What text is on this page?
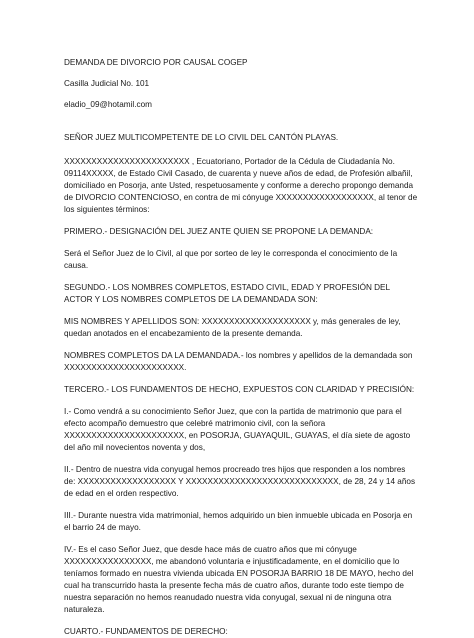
DEMANDA DE DIVORCIO POR CAUSAL COGEP

Casilla Judicial No. 101

eladio_09@hotamil.com

SEÑOR JUEZ MULTICOMPETENTE DE LO CIVIL DEL CANTÓN PLAYAS.

XXXXXXXXXXXXXXXXXXXXXXX , Ecuatoriano, Portador de la Cédula de Ciudadanía No. 09114XXXXX, de Estado Civil Casado, de cuarenta y nueve años de edad, de Profesión albañil, domiciliado en Posorja, ante Usted, respetuosamente y conforme a derecho propongo demanda de DIVORCIO CONTENCIOSO, en contra de mi cónyuge XXXXXXXXXXXXXXXXXX, al tenor de los siguientes términos:

PRIMERO.- DESIGNACIÓN DEL JUEZ ANTE QUIEN SE PROPONE LA DEMANDA:

Será el Señor Juez de lo Civil, al que por sorteo de ley le corresponda el conocimiento de la causa.

SEGUNDO.- LOS NOMBRES COMPLETOS, ESTADO CIVIL, EDAD Y PROFESIÓN DEL ACTOR Y LOS NOMBRES COMPLETOS DE LA DEMANDADA SON:

MIS NOMBRES Y APELLIDOS SON: XXXXXXXXXXXXXXXXXXXX y, más generales de ley, quedan anotados en el encabezamiento de la presente demanda.

NOMBRES COMPLETOS DA LA DEMANDADA.- los nombres y apellidos de la demandada son XXXXXXXXXXXXXXXXXXXXXX.

TERCERO.- LOS FUNDAMENTOS DE HECHO, EXPUESTOS CON CLARIDAD Y PRECISIÓN:

I.- Como vendrá a su conocimiento Señor Juez, que con la partida de matrimonio que para el efecto acompaño demuestro que celebré matrimonio civil, con la señora XXXXXXXXXXXXXXXXXXXXXX, en POSORJA, GUAYAQUIL, GUAYAS, el día siete de agosto del año mil novecientos noventa y dos,

II.- Dentro de nuestra vida conyugal hemos procreado tres hijos que responden a los nombres de: XXXXXXXXXXXXXXXXXX Y XXXXXXXXXXXXXXXXXXXXXXXXXXXX, de 28, 24 y 14 años de edad en el orden respectivo.

III.- Durante nuestra vida matrimonial, hemos adquirido un bien inmueble ubicada en Posorja en el barrio 24 de mayo.

IV.- Es el caso Señor Juez, que desde hace más de cuatro años que mi cónyuge XXXXXXXXXXXXXXXX, me abandonó voluntaria e injustificadamente, en el domicilio que lo teníamos formado en nuestra vivienda ubicada EN POSORJA BARRIO 18 DE MAYO, hecho del cual ha transcurrido hasta la presente fecha más de cuatro años, durante todo este tiempo de nuestra separación no hemos reanudado nuestra vida conyugal, sexual ni de ninguna otra naturaleza.

CUARTO.- FUNDAMENTOS DE DERECHO:
